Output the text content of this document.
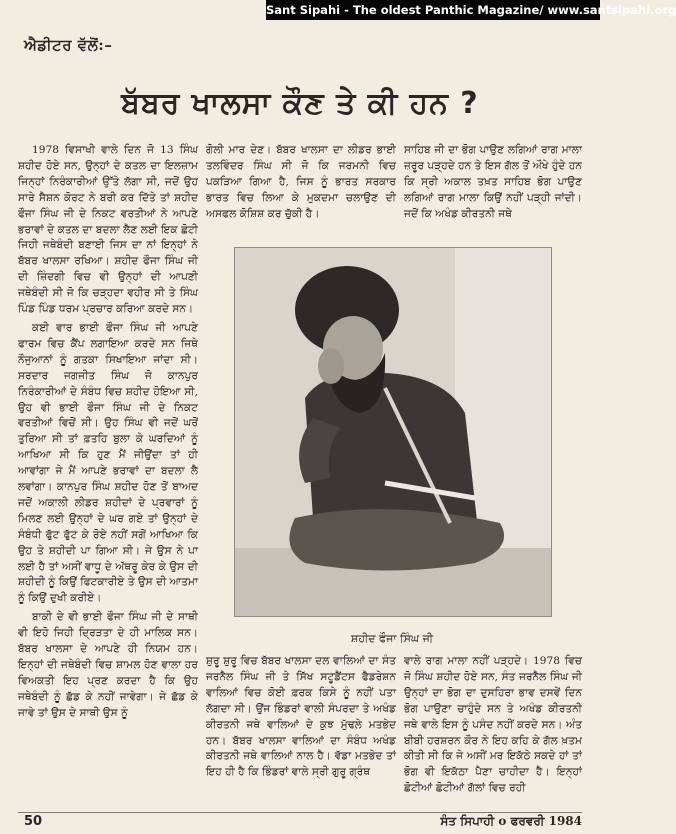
Sant Sipahi - The oldest Panthic Magazine/ www.santsipahi.org
ਐਡੀਟਰ ਵੱਲੋਂ:–
ਬੱਬਰ ਖਾਲਸਾ ਕੌਣ ਤੇ ਕੀ ਹਨ ?

1978 ਵਿਸਾਖੀ ਵਾਲੇ ਦਿਨ ਜੋ 13 ਸਿੰਘ ਸ਼ਹੀਦ ਹੋਏ ਸਨ, ਉਨ੍ਹਾਂ ਦੇ ਕਤਲ ਦਾ ਇਲਜ਼ਾਮ ਜਿਨ੍ਹਾਂ ਨਿਰੰਕਾਰੀਆਂ ਉੱਤੇ ਲੱਗਾ ਸੀ, ਜਦੋਂ ਉਹ ਸਾਰੇ ਸੈਸ਼ਨ ਕੋਰਟ ਨੇ ਬਰੀ ਕਰ ਦਿੱਤੇ ਤਾਂ ਸ਼ਹੀਦ ਫੌਜਾ ਸਿੰਘ ਜੀ ਦੇ ਨਿਕਟ ਵਰਤੀਆਂ ਨੇ ਆਪਣੇ ਭਰਾਵਾਂ ਦੇ ਕਤਲ ਦਾ ਬਦਲਾ ਲੈਣ ਲਈ ਇਕ ਛੋਟੀ ਜਿਹੀ ਜਥੇਬੰਦੀ ਬਣਾਈ ਜਿਸ ਦਾ ਨਾਂ ਇਨ੍ਹਾਂ ਨੇ ਬੱਬਰ ਖਾਲਸਾ ਰਖਿਆ। ਸ਼ਹੀਦ ਫੌਜਾ ਸਿੰਘ ਜੀ ਦੀ ਜ਼ਿੰਦਗੀ ਵਿਚ ਵੀ ਉਨ੍ਹਾਂ ਦੀ ਆਪਣੀ ਜਥੇਬੰਦੀ ਸੀ ਜੋ ਕਿ ਚੜ੍ਹਦਾ ਵਹੀਰ ਸੀ ਤੇ ਸਿੰਘ ਪਿੰਡ ਪਿੰਡ ਧਰਮ ਪ੍ਰਚਾਰ ਕਰਿਆ ਕਰਦੇ ਸਨ।

ਕਈ ਵਾਰ ਭਾਈ ਫੌਜਾ ਸਿੰਘ ਜੀ ਆਪਣੇ ਫਾਰਮ ਵਿਚ ਕੈਂਪ ਲਗਾਇਆ ਕਰਦੇ ਸਨ ਜਿਥੇ ਨੌਜੁਆਨਾਂ ਨੂੰ ਗਤਕਾ ਸਿਖਾਇਆ ਜਾਂਦਾ ਸੀ। ਸਰਦਾਰ ਜਗਜੀਤ ਸਿੰਘ ਜੋ ਕਾਨਪੁਰ ਨਿਰੰਕਾਰੀਆਂ ਦੇ ਸੰਬੰਧ ਵਿਚ ਸ਼ਹੀਦ ਹੋਇਆ ਸੀ, ਉਹ ਵੀ ਭਾਈ ਫੌਜਾ ਸਿੰਘ ਜੀ ਦੇ ਨਿਕਟ ਵਰਤੀਆਂ ਵਿਚੋਂ ਸੀ। ਉਹ ਸਿੰਘ ਵੀ ਜਦੋਂ ਘਰੋਂ ਤੁਰਿਆ ਸੀ ਤਾਂ ਫ਼ਤਹਿ ਬੁਲਾ ਕੇ ਘਰਦਿਆਂ ਨੂੰ ਆਖਿਆ ਸੀ ਕਿ ਹੁਣ ਮੈਂ ਜੀਉਂਦਾ ਤਾਂ ਹੀ ਆਵਾਂਗਾ ਜੇ ਮੈਂ ਆਪਣੇ ਭਰਾਵਾਂ ਦਾ ਬਦਲਾ ਲੈ ਲਵਾਂਗਾ। ਕਾਨਪੁਰ ਸਿੰਘ ਸ਼ਹੀਦ ਹੋਣ ਤੋਂ ਬਾਅਦ ਜਦੋਂ ਅਕਾਲੀ ਲੀਡਰ ਸ਼ਹੀਦਾਂ ਦੇ ਪ੍ਰਵਾਰਾਂ ਨੂੰ ਮਿਲਣ ਲਈ ਉਨ੍ਹਾਂ ਦੇ ਘਰ ਗਏ ਤਾਂ ਉਨ੍ਹਾਂ ਦੇ ਸੰਬੰਧੀ ਫੁੱਟ ਫੁੱਟ ਕੇ ਰੋਏ ਨਹੀਂ ਸਗੋਂ ਆਖਿਆ ਕਿ ਉਹ ਤੇ ਸ਼ਹੀਦੀ ਪਾ ਗਿਆ ਸੀ। ਜੇ ਉਸ ਨੇ ਪਾ ਲਈ ਹੈ ਤਾਂ ਅਸੀਂ ਵਾਧੂ ਦੇ ਅੱਥਰੂ ਕੇਰ ਕੇ ਉਸ ਦੀ ਸ਼ਹੀਦੀ ਨੂੰ ਕਿਉਂ ਫਿਟਕਾਰੀਏ ਤੇ ਉਸ ਦੀ ਆਤਮਾ ਨੂੰ ਕਿਉਂ ਦੁਖੀ ਕਰੀਏ।

ਬਾਕੀ ਦੇ ਵੀ ਭਾਈ ਫੌਜਾ ਸਿੰਘ ਜੀ ਦੇ ਸਾਥੀ ਵੀ ਇਹੋ ਜਿਹੀ ਦ੍ਰਿੜਤਾ ਦੇ ਹੀ ਮਾਲਿਕ ਸਨ। ਬੱਬਰ ਖਾਲਸਾ ਦੇ ਆਪਣੇ ਹੀ ਨਿਯਮ ਹਨ। ਇਨ੍ਹਾਂ ਦੀ ਜਥੇਬੰਦੀ ਵਿਚ ਸ਼ਾਮਲ ਹੋਣ ਵਾਲਾ ਹਰ ਵਿਅਕਤੀ ਇਹ ਪ੍ਰਣ ਕਰਦਾ ਹੈ ਕਿ ਉਹ ਜਥੇਬੰਦੀ ਨੂੰ ਛੱਡ ਕੇ ਨਹੀਂ ਜਾਵੇਗਾ। ਜੇ ਛੱਡ ਕੇ ਜਾਵੇ ਤਾਂ ਉਸ ਦੇ ਸਾਥੀ ਉਸ ਨੂੰ

ਗੋਲੀ ਮਾਰ ਦੇਣ। ਬੱਬਰ ਖਾਲਸਾ ਦਾ ਲੀਡਰ ਭਾਈ ਤਲਵਿੰਦਰ ਸਿੰਘ ਸੀ ਜੋ ਕਿ ਜਰਮਨੀ ਵਿਚ ਪਕੜਿਆ ਗਿਆ ਹੈ, ਜਿਸ ਨੂੰ ਭਾਰਤ ਸਰਕਾਰ ਭਾਰਤ ਵਿਚ ਲਿਆ ਕੇ ਮੁਕਦਮਾ ਚਲਾਉਣ ਦੀ ਅਸਫਲ ਕੋਸ਼ਿਸ਼ ਕਰ ਚੁੱਕੀ ਹੈ।
ਸਾਹਿਬ ਜੀ ਦਾ ਭੋਗ ਪਾਉਣ ਲਗਿਆਂ ਰਾਗ ਮਾਲਾ ਜ਼ਰੂਰ ਪੜ੍ਹਦੇ ਹਨ ਤੇ ਇਸ ਗੱਲ ਤੋਂ ਔਖੇ ਹੁੰਦੇ ਹਨ ਕਿ ਸ੍ਰੀ ਅਕਾਲ ਤਖ਼ਤ ਸਾਹਿਬ ਭੋਗ ਪਾਉਣ ਲਗਿਆਂ ਰਾਗ ਮਾਲਾ ਕਿਉਂ ਨਹੀਂ ਪੜ੍ਹੀ ਜਾਂਦੀ। ਜਦੋਂ ਕਿ ਅਖੰਡ ਕੀਰਤਨੀ ਜਥੇ
ਸ਼ਹੀਦ ਫੌਜਾ ਸਿੰਘ ਜੀ
ਸ਼ੁਰੂ ਸ਼ੁਰੂ ਵਿਚ ਬੱਬਰ ਖਾਲਸਾ ਦਲ ਵਾਲਿਆਂ ਦਾ ਸੰਤ ਜਰਨੈਲ ਸਿੰਘ ਜੀ ਤੇ ਸਿੱਖ ਸਟੂਡੈਂਟਸ ਫੈਡਰੇਸ਼ਨ ਵਾਲਿਆਂ ਵਿਚ ਕੋਈ ਫ਼ਰਕ ਕਿਸੇ ਨੂੰ ਨਹੀਂ ਪਤਾ ਲੱਗਦਾ ਸੀ। ਉਂਜ ਭਿੰਡਰਾਂ ਵਾਲੀ ਸੰਪਰਦਾ ਤੇ ਅਖੰਡ ਕੀਰਤਨੀ ਜਥੇ ਵਾਲਿਆਂ ਦੇ ਕੁਝ ਮੁੱਢਲੇ ਮਤਭੇਦ ਹਨ। ਬੱਬਰ ਖਾਲਸਾ ਵਾਲਿਆਂ ਦਾ ਸੰਬੰਧ ਅਖੰਡ ਕੀਰਤਨੀ ਜਥੇ ਵਾਲਿਆਂ ਨਾਲ ਹੈ। ਵੱਡਾ ਮਤਭੇਦ ਤਾਂ ਇਹ ਹੀ ਹੈ ਕਿ ਭਿੰਡਰਾਂ ਵਾਲੇ ਸ੍ਰੀ ਗੁਰੂ ਗ੍ਰੰਥ
ਵਾਲੇ ਰਾਗ ਮਾਲਾ ਨਹੀਂ ਪੜ੍ਹਦੇ। 1978 ਵਿਚ ਜੋ ਸਿੰਘ ਸ਼ਹੀਦ ਹੋਏ ਸਨ, ਸੰਤ ਜਰਨੈਲ ਸਿੰਘ ਜੀ ਉਨ੍ਹਾਂ ਦਾ ਭੋਗ ਦਾ ਦੁਸਹਿਰਾ ਭਾਵ ਦਸਵੇਂ ਦਿਨ ਭੋਗ ਪਾਉਣਾ ਚਾਹੁੰਦੇ ਸਨ ਤੇ ਅਖੰਡ ਕੀਰਤਨੀ ਜਥੇ ਵਾਲੇ ਇਸ ਨੂੰ ਪਸੰਦ ਨਹੀਂ ਕਰਦੇ ਸਨ। ਅੰਤ ਬੀਬੀ ਹਰਸ਼ਰਨ ਕੌਰ ਨੇ ਇਹ ਕਹਿ ਕੇ ਗੱਲ ਖ਼ਤਮ ਕੀਤੀ ਸੀ ਕਿ ਜੇ ਅਸੀਂ ਮਰ ਇਕੱਠੇ ਸਕਦੇ ਹਾਂ ਤਾਂ ਭੋਗ ਵੀ ਇਕੱਠਾ ਪੈਣਾ ਚਾਹੀਦਾ ਹੈ। ਇਨ੍ਹਾਂ ਛੋਟੀਆਂ ਛੋਟੀਆਂ ਗੱਲਾਂ ਵਿਚ ਰਹੀ
50	ਸੰਤ ਸਿਪਾਹੀ o ਫਰਵਰੀ 1984
